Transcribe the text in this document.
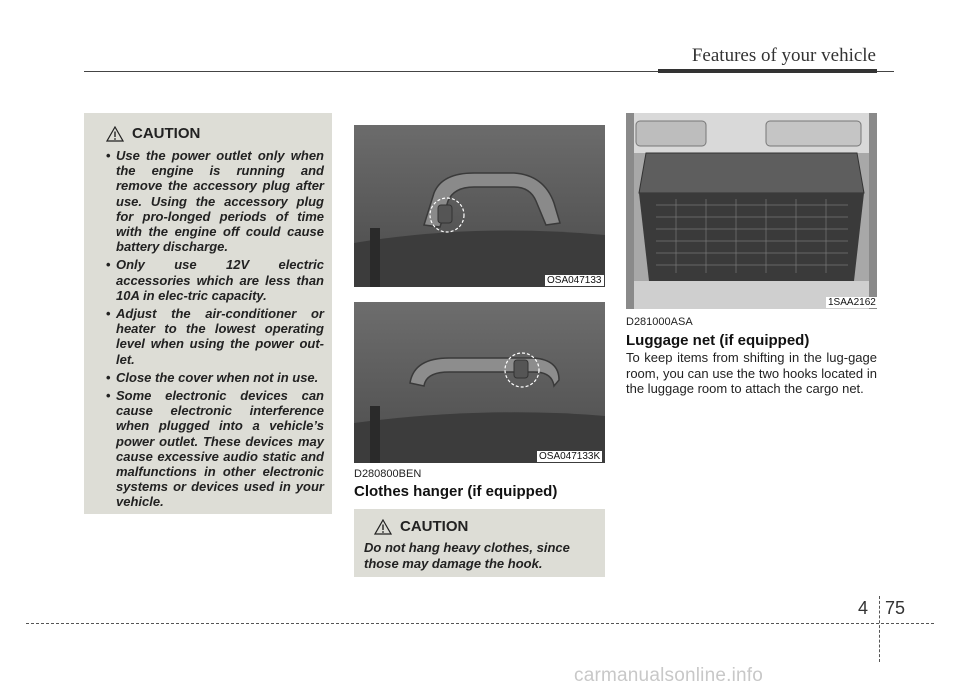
Features of your vehicle
CAUTION
• Use the power outlet only when the engine is running and remove the accessory plug after use. Using the accessory plug for pro-longed periods of time with the engine off could cause battery discharge.
• Only use 12V electric accessories which are less than 10A in elec-tric capacity.
• Adjust the air-conditioner or heater to the lowest operating level when using the power out-let.
• Close the cover when not in use.
• Some electronic devices can cause electronic interference when plugged into a vehicle’s power outlet. These devices may cause excessive audio static and malfunctions in other electronic systems or devices used in your vehicle.
OSA047133
OSA047133K
D280800BEN
Clothes hanger (if equipped)
CAUTION

Do not hang heavy clothes, since those may damage the hook.

1SAA2162
D281000ASA
Luggage net (if equipped)
To keep items from shifting in the lug-gage room, you can use the two hooks located in the luggage room to attach the cargo net.
4 75
carmanualsonline.info
